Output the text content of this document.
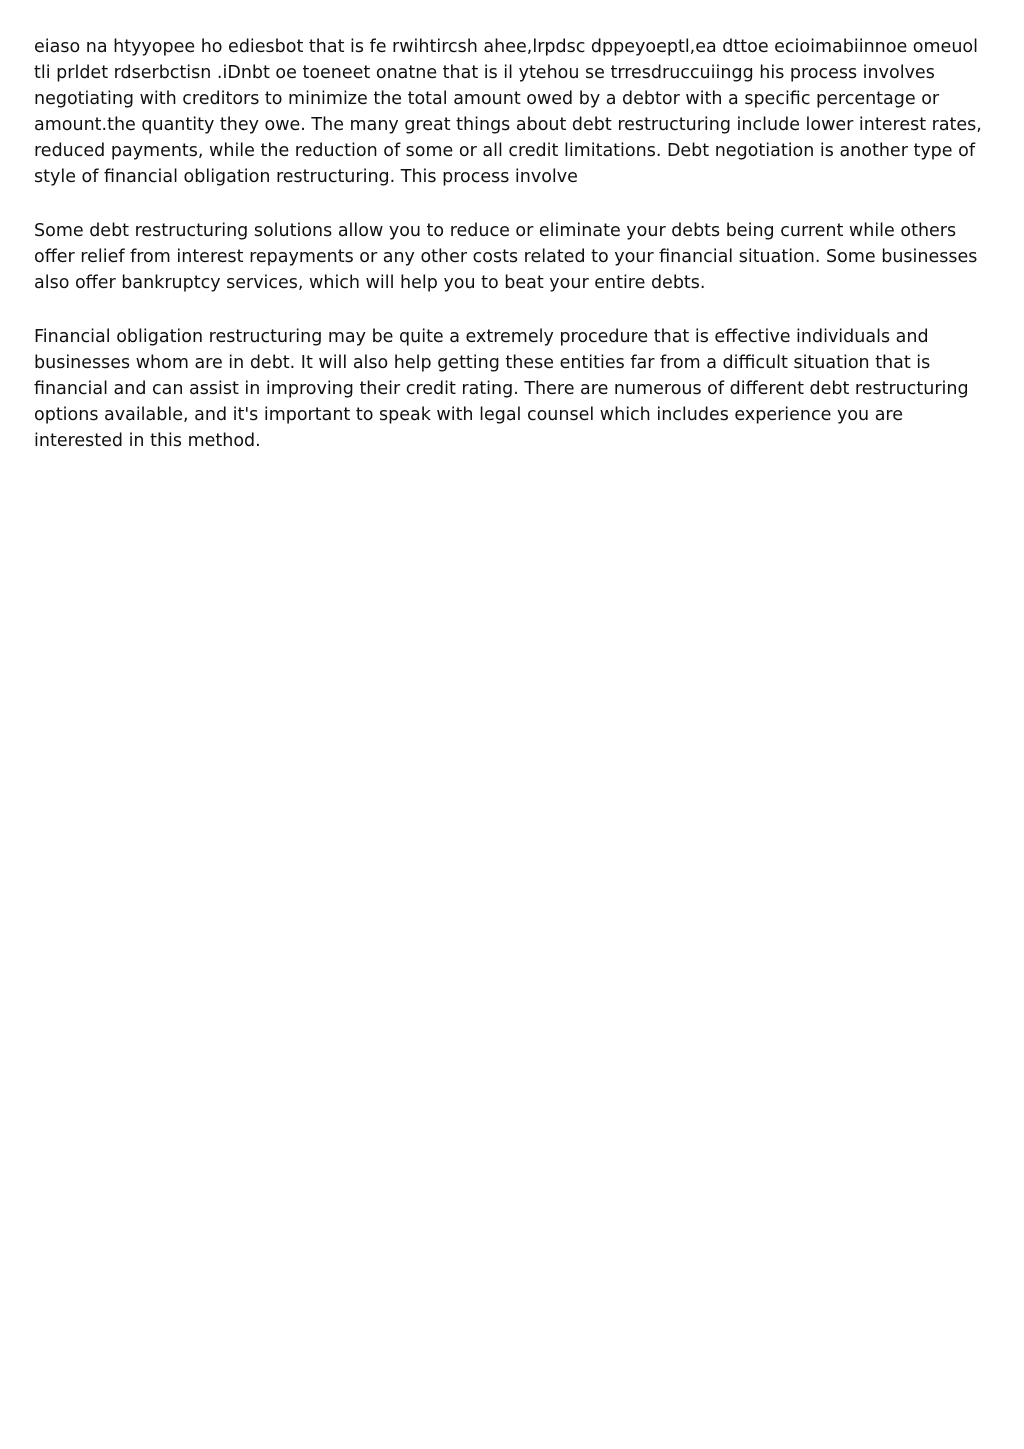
eiaso na htyyopee ho ediesbot that is fe rwihtircsh ahee,lrpdsc dppeyoeptl,ea dttoe ecioimabiinnoe omeuol tli prldet rdserbctisn .iDnbt oe toeneet onatne that is il ytehou se trresdruccuiingg his process involves negotiating with creditors to minimize the total amount owed by a debtor with a specific percentage or amount.the quantity they owe. The many great things about debt restructuring include lower interest rates, reduced payments, while the reduction of some or all credit limitations. Debt negotiation is another type of style of financial obligation restructuring. This process involve

Some debt restructuring solutions allow you to reduce or eliminate your debts being current while others offer relief from interest repayments or any other costs related to your financial situation. Some businesses also offer bankruptcy services, which will help you to beat your entire debts.

Financial obligation restructuring may be quite a extremely procedure that is effective individuals and businesses whom are in debt. It will also help getting these entities far from a difficult situation that is financial and can assist in improving their credit rating. There are numerous of different debt restructuring options available, and it's important to speak with legal counsel which includes experience you are interested in this method.
